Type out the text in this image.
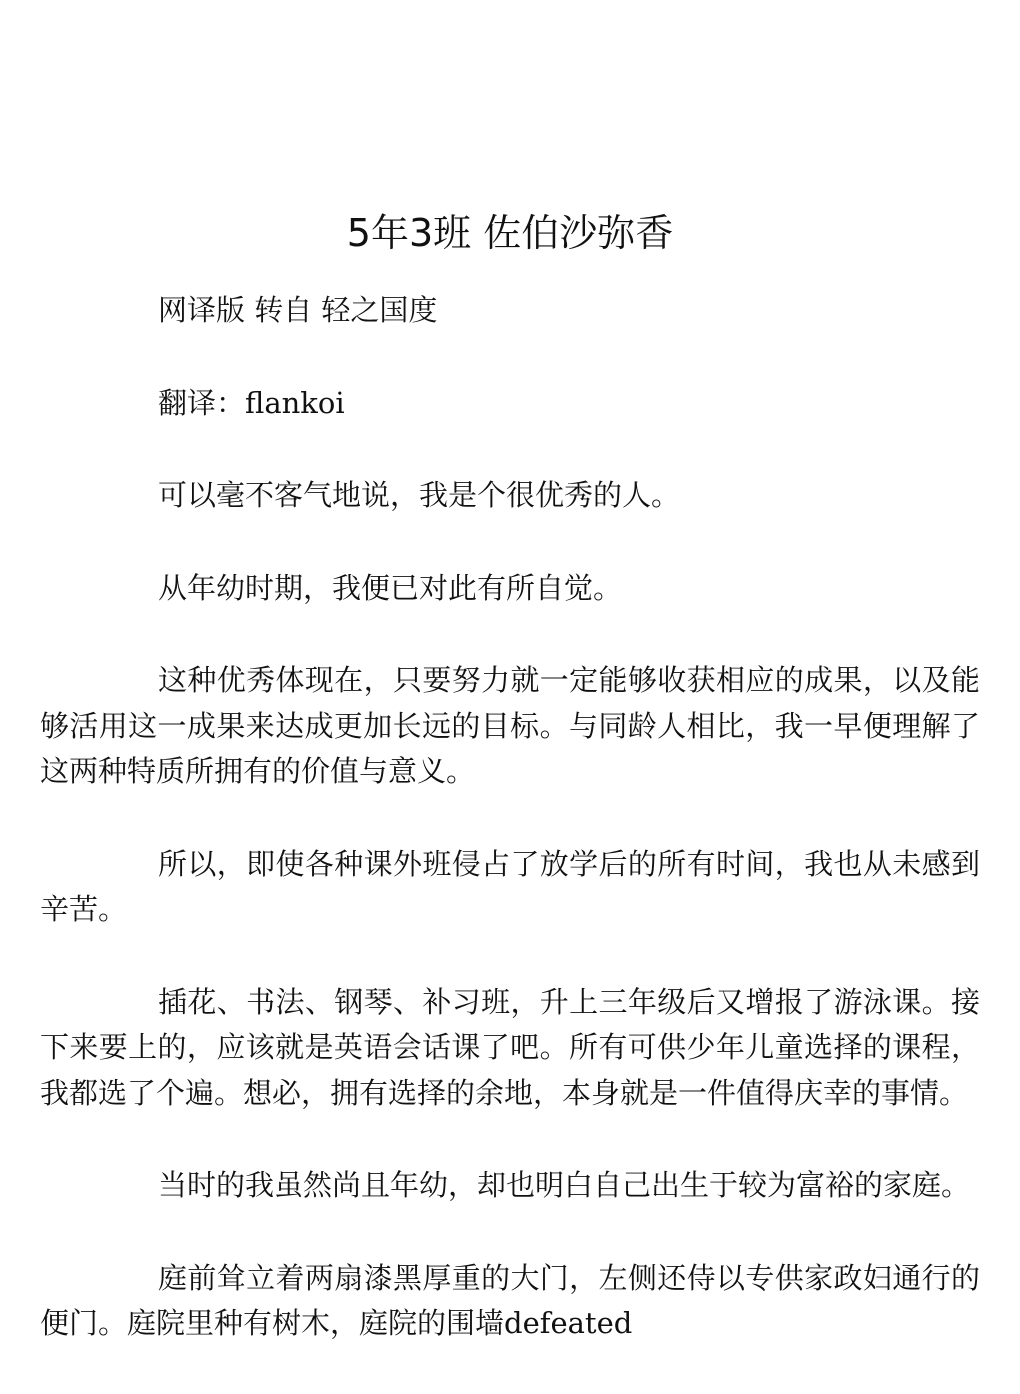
5年3班 佐伯沙弥香

网译版 转自 轻之国度

翻译：flankoi

可以毫不客气地说，我是个很优秀的人。

从年幼时期，我便已对此有所自觉。

这种优秀体现在，只要努力就一定能够收获相应的成果，以及能够活用这一成果来达成更加长远的目标。与同龄人相比，我一早便理解了这两种特质所拥有的价值与意义。

所以，即使各种课外班侵占了放学后的所有时间，我也从未感到辛苦。

插花、书法、钢琴、补习班，升上三年级后又增报了游泳课。接下来要上的，应该就是英语会话课了吧。所有可供少年儿童选择的课程，我都选了个遍。想必，拥有选择的余地，本身就是一件值得庆幸的事情。

当时的我虽然尚且年幼，却也明白自己出生于较为富裕的家庭。

庭前耸立着两扇漆黑厚重的大门，左侧还侍以专供家政妇通行的便门。庭院里种有树木，庭院的围墙defeated
